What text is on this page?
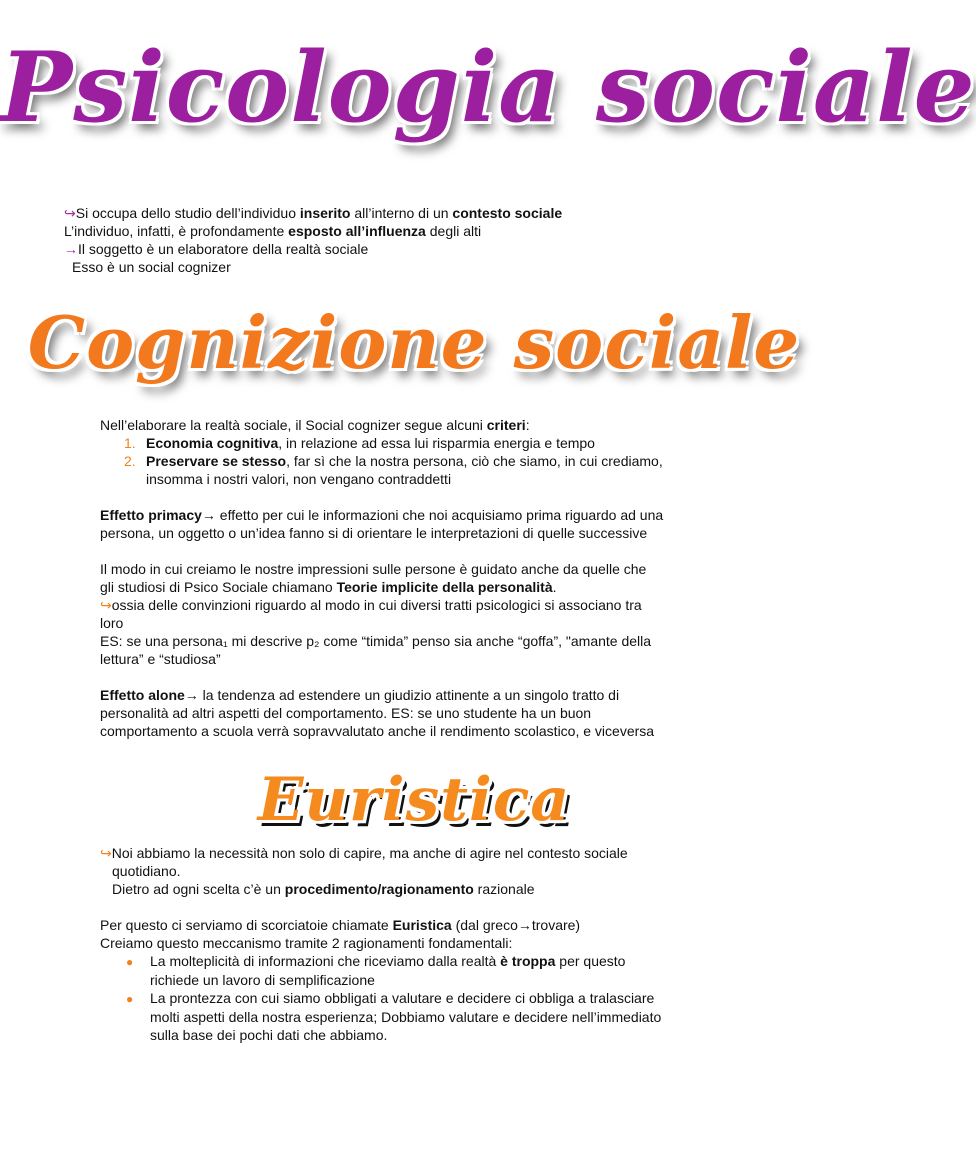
Psicologia sociale
↪Si occupa dello studio dell’individuo inserito all’interno di un contesto sociale
L’individuo, infatti, è profondamente esposto all’influenza degli alti
→Il soggetto è un elaboratore della realtà sociale
Esso è un social cognizer
Cognizione sociale
Nell’elaborare la realtà sociale, il Social cognizer segue alcuni criteri:
1. Economia cognitiva, in relazione ad essa lui risparmia energia e tempo
2. Preservare se stesso, far sì che la nostra persona, ciò che siamo, in cui crediamo,
insomma i nostri valori, non vengano contraddetti
Effetto primacy→ effetto per cui le informazioni che noi acquisiamo prima riguardo ad una
persona, un oggetto o un’idea fanno si di orientare le interpretazioni di quelle successive
Il modo in cui creiamo le nostre impressioni sulle persone è guidato anche da quelle che
gli studiosi di Psico Sociale chiamano Teorie implicite della personalità.
↪ossia delle convinzioni riguardo al modo in cui diversi tratti psicologici si associano tra
loro
ES: se una persona₁ mi descrive p₂ come “timida” penso sia anche “goffa”, "amante della
lettura” e “studiosa”
Effetto alone→ la tendenza ad estendere un giudizio attinente a un singolo tratto di
personalità ad altri aspetti del comportamento. ES: se uno studente ha un buon
comportamento a scuola verrà sopravvalutato anche il rendimento scolastico, e viceversa
Euristica
↪Noi abbiamo la necessità non solo di capire, ma anche di agire nel contesto sociale
quotidiano.
Dietro ad ogni scelta c’è un procedimento/ragionamento razionale
Per questo ci serviamo di scorciatoie chiamate Euristica (dal greco→trovare)
Creiamo questo meccanismo tramite 2 ragionamenti fondamentali:
● La molteplicità di informazioni che riceviamo dalla realtà è troppa per questo
richiede un lavoro di semplificazione
● La prontezza con cui siamo obbligati a valutare e decidere ci obbliga a tralasciare
molti aspetti della nostra esperienza; Dobbiamo valutare e decidere nell’immediato
sulla base dei pochi dati che abbiamo.
